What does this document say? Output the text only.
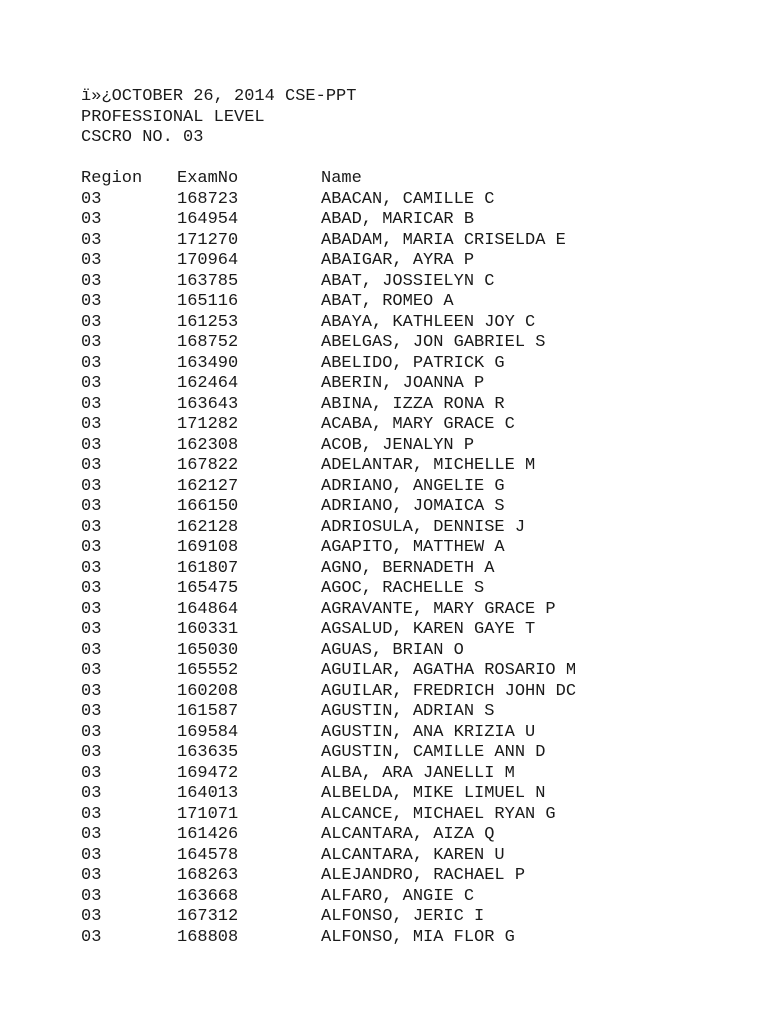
ï»¿OCTOBER 26, 2014 CSE-PPT
PROFESSIONAL LEVEL
CSCRO NO. 03
Region	ExamNo	Name
03	168723	ABACAN, CAMILLE C
03	164954	ABAD, MARICAR B
03	171270	ABADAM, MARIA CRISELDA E
03	170964	ABAIGAR, AYRA P
03	163785	ABAT, JOSSIELYN C
03	165116	ABAT, ROMEO A
03	161253	ABAYA, KATHLEEN JOY C
03	168752	ABELGAS, JON GABRIEL S
03	163490	ABELIDO, PATRICK G
03	162464	ABERIN, JOANNA P
03	163643	ABINA, IZZA RONA R
03	171282	ACABA, MARY GRACE C
03	162308	ACOB, JENALYN P
03	167822	ADELANTAR, MICHELLE M
03	162127	ADRIANO, ANGELIE G
03	166150	ADRIANO, JOMAICA S
03	162128	ADRIOSULA, DENNISE J
03	169108	AGAPITO, MATTHEW A
03	161807	AGNO, BERNADETH A
03	165475	AGOC, RACHELLE S
03	164864	AGRAVANTE, MARY GRACE P
03	160331	AGSALUD, KAREN GAYE T
03	165030	AGUAS, BRIAN O
03	165552	AGUILAR, AGATHA ROSARIO M
03	160208	AGUILAR, FREDRICH JOHN DC
03	161587	AGUSTIN, ADRIAN S
03	169584	AGUSTIN, ANA KRIZIA U
03	163635	AGUSTIN, CAMILLE ANN D
03	169472	ALBA, ARA JANELLI M
03	164013	ALBELDA, MIKE LIMUEL N
03	171071	ALCANCE, MICHAEL RYAN G
03	161426	ALCANTARA, AIZA Q
03	164578	ALCANTARA, KAREN U
03	168263	ALEJANDRO, RACHAEL P
03	163668	ALFARO, ANGIE C
03	167312	ALFONSO, JERIC I
03	168808	ALFONSO, MIA FLOR G
